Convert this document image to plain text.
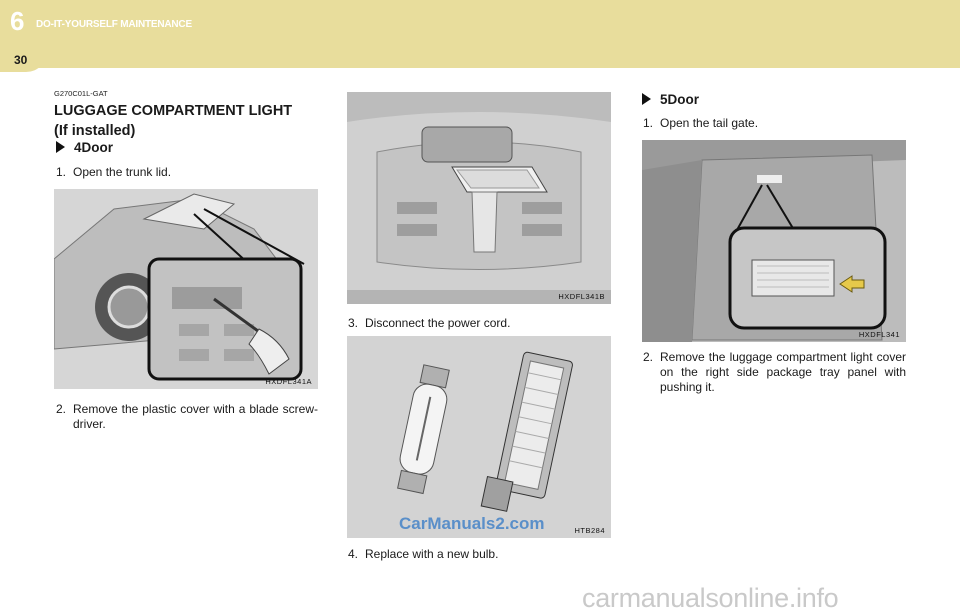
6 DO-IT-YOURSELF MAINTENANCE
30
G270C01L-GAT
LUGGAGE COMPARTMENT LIGHT
(If installed)
4Door
1. Open the trunk lid.
HXDFL341A
2. Remove the plastic cover with a blade screw-driver.
HXDFL341B
3. Disconnect the power cord.
CarManuals2.com	HTB284
4. Replace with a new bulb.
5Door
1. Open the tail gate.
HXDFL341
2. Remove the luggage compartment light cover on the right side package tray panel with pushing it.
carmanualsonline.info
